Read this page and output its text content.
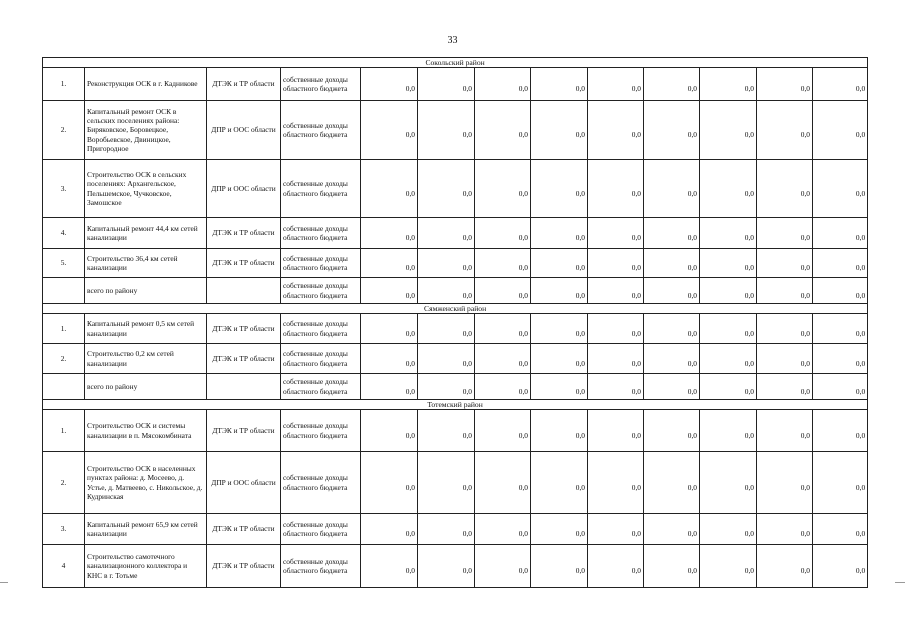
33
Сокольский район												
1.	Реконструкция ОСК в г. Кадникове	ДТЭК и ТР области	собственные доходы областного бюджета	0,0	0,0	0,0	0,0	0,0	0,0	0,0	0,0	0,0
2.	Капитальный ремонт ОСК в сельских поселениях района: Биряковское, Боровецкое, Воробьевское, Двиницкое, Пригородное	ДПР и ООС области	собственные доходы областного бюджета	0,0	0,0	0,0	0,0	0,0	0,0	0,0	0,0	0,0
3.	Строительство ОСК в сельских поселениях: Архангельское, Пельшемское, Чучковское, Замошское	ДПР и ООС области	собственные доходы областного бюджета	0,0	0,0	0,0	0,0	0,0	0,0	0,0	0,0	0,0
4.	Капитальный ремонт 44,4 км сетей канализации	ДТЭК и ТР области	собственные доходы областного бюджета	0,0	0,0	0,0	0,0	0,0	0,0	0,0	0,0	0,0
5.	Строительство 36,4 км сетей канализации	ДТЭК и ТР области	собственные доходы областного бюджета	0,0	0,0	0,0	0,0	0,0	0,0	0,0	0,0	0,0
	всего по району		собственные доходы областного бюджета	0,0	0,0	0,0	0,0	0,0	0,0	0,0	0,0	0,0
Сямженский район												
1.	Капитальный ремонт 0,5 км сетей канализации	ДТЭК и ТР области	собственные доходы областного бюджета	0,0	0,0	0,0	0,0	0,0	0,0	0,0	0,0	0,0
2.	Строительство 0,2 км сетей канализации	ДТЭК и ТР области	собственные доходы областного бюджета	0,0	0,0	0,0	0,0	0,0	0,0	0,0	0,0	0,0
	всего по району		собственные доходы областного бюджета	0,0	0,0	0,0	0,0	0,0	0,0	0,0	0,0	0,0
Тотемский район												
1.	Строительство ОСК и системы канализации в п. Мясокомбината	ДТЭК и ТР области	собственные доходы областного бюджета	0,0	0,0	0,0	0,0	0,0	0,0	0,0	0,0	0,0
2.	Строительство ОСК в населенных пунктах района: д. Мосеево, д. Устье, д. Матвеево, с. Никольское, д. Кудринская	ДПР и ООС области	собственные доходы областного бюджета	0,0	0,0	0,0	0,0	0,0	0,0	0,0	0,0	0,0
3.	Капитальный ремонт 65,9 км сетей канализации	ДТЭК и ТР области	собственные доходы областного бюджета	0,0	0,0	0,0	0,0	0,0	0,0	0,0	0,0	0,0
4	Строительство самотечного канализационного коллектора и КНС в г. Тотьме	ДТЭК и ТР области	собственные доходы областного бюджета	0,0	0,0	0,0	0,0	0,0	0,0	0,0	0,0	0,0
